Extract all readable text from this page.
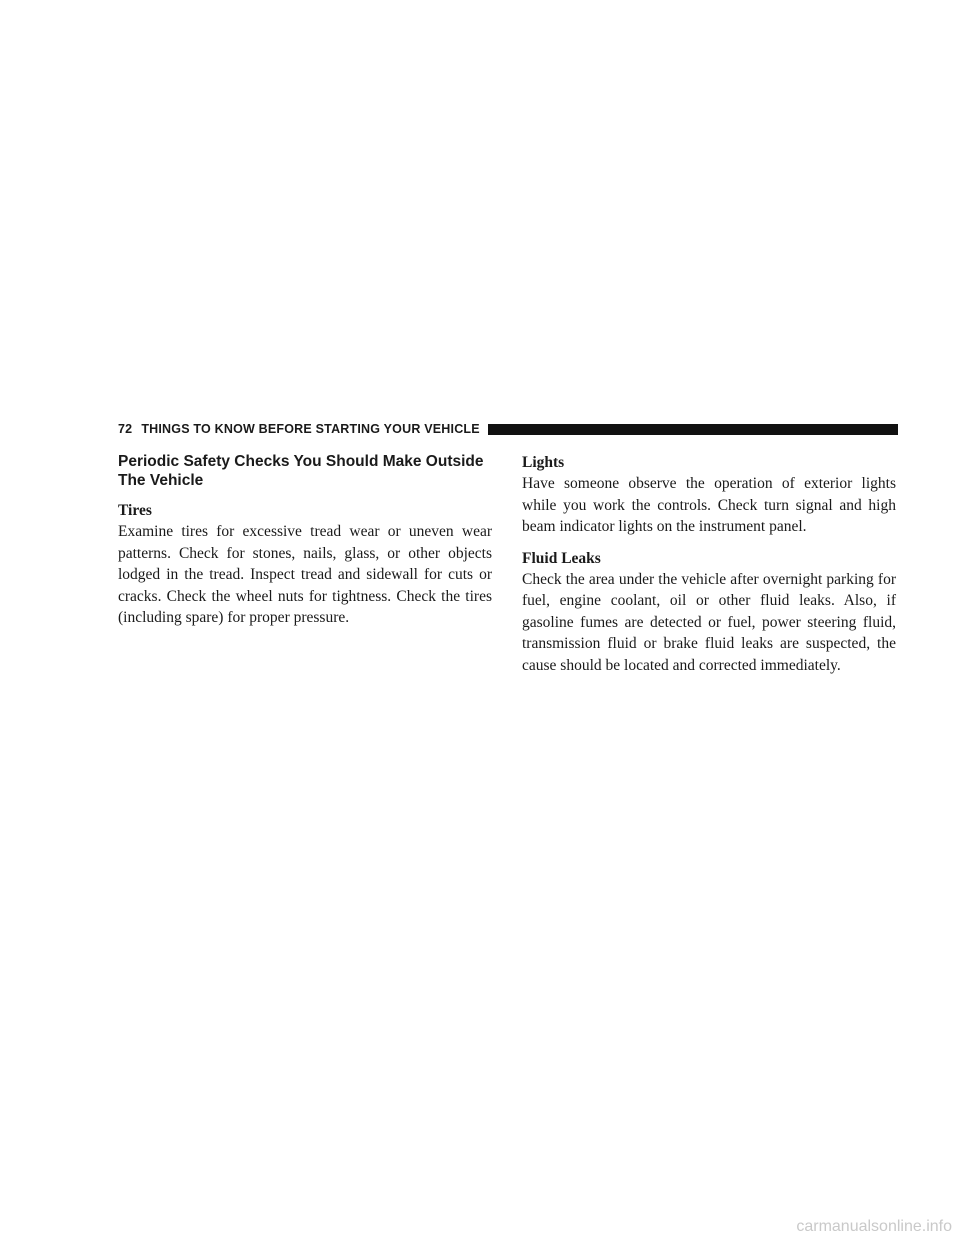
72 THINGS TO KNOW BEFORE STARTING YOUR VEHICLE
Periodic Safety Checks You Should Make Outside The Vehicle
Tires

Examine tires for excessive tread wear or uneven wear patterns. Check for stones, nails, glass, or other objects lodged in the tread. Inspect tread and sidewall for cuts or cracks. Check the wheel nuts for tightness. Check the tires (including spare) for proper pressure.

Lights

Have someone observe the operation of exterior lights while you work the controls. Check turn signal and high beam indicator lights on the instrument panel.

Fluid Leaks

Check the area under the vehicle after overnight parking for fuel, engine coolant, oil or other fluid leaks. Also, if gasoline fumes are detected or fuel, power steering fluid, transmission fluid or brake fluid leaks are suspected, the cause should be located and corrected immediately.

carmanualsonline.info
